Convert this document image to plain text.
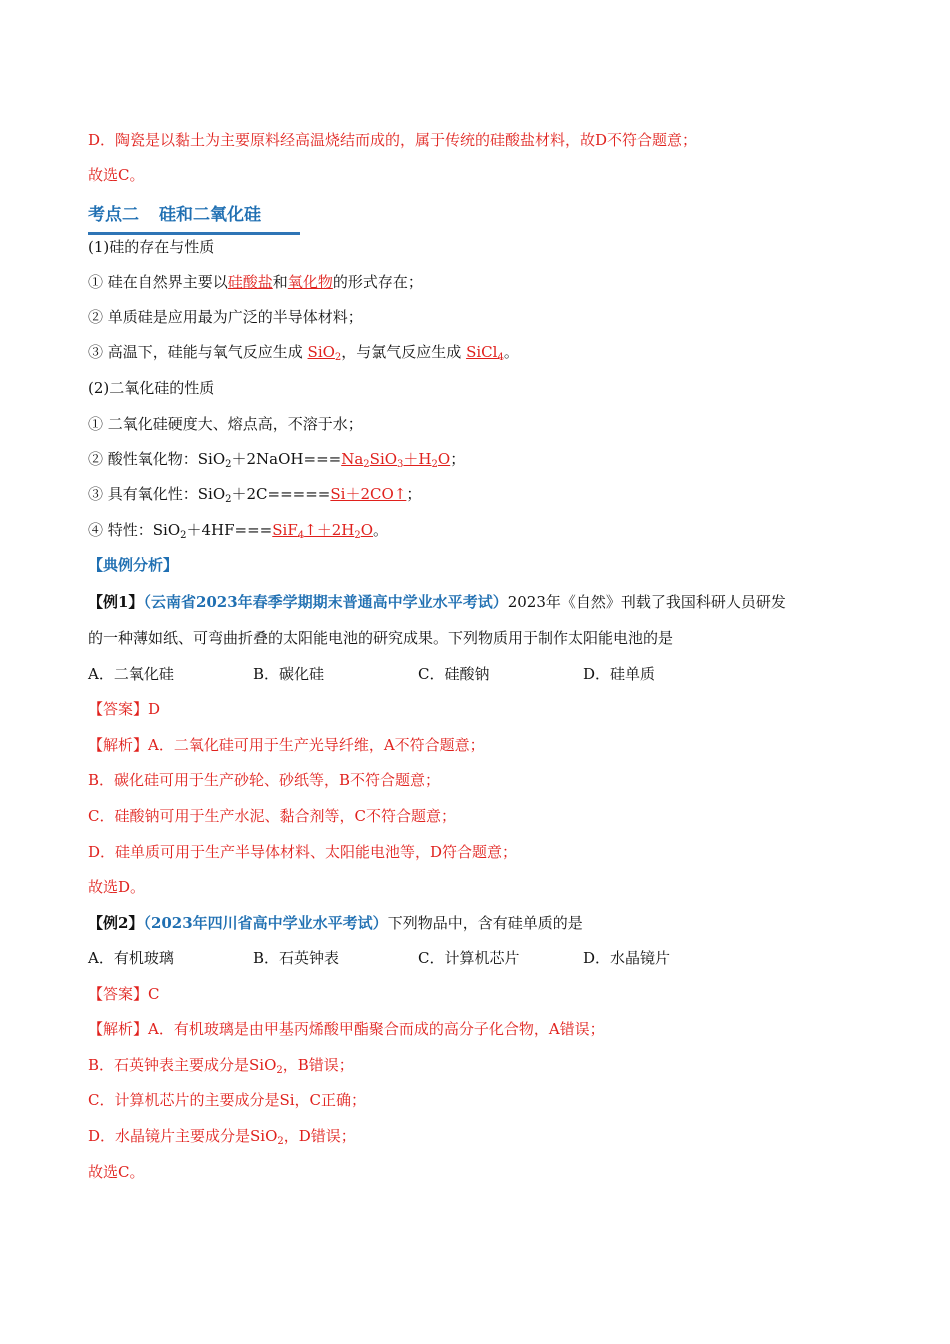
D．陶瓷是以黏土为主要原料经高温烧结而成的，属于传统的硅酸盐材料，故D不符合题意；
故选C。
考点二 硅和二氧化硅
(1)硅的存在与性质
① 硅在自然界主要以硅酸盐和氧化物的形式存在；
② 单质硅是应用最为广泛的半导体材料；
③ 高温下，硅能与氧气反应生成 SiO$_2$，与氯气反应生成 SiCl$_4$。
(2)二氧化硅的性质
① 二氧化硅硬度大、熔点高，不溶于水；
② 酸性氧化物：$SiO_2+2NaOH===Na_2SiO_3+H_2O$；
③ 具有氧化性：SiO$_2$＋2C=====Si＋2CO↑；
④ 特性：$SiO_2+4HF===SiF_4↑+2H_2O$。
【典例分析】
【例1】（云南省2023年春季学期期末普通高中学业水平考试）2023年《自然》刊载了我国科研人员研发
的一种薄如纸、可弯曲折叠的太阳能电池的研究成果。下列物质用于制作太阳能电池的是
A．二氧化硅	B．碳化硅	C．硅酸钠	D．硅单质
【答案】D
【解析】A．二氧化硅可用于生产光导纤维，A不符合题意；
B．碳化硅可用于生产砂轮、砂纸等，B不符合题意；
C．硅酸钠可用于生产水泥、黏合剂等，C不符合题意；
D．硅单质可用于生产半导体材料、太阳能电池等，D符合题意；
故选D。
【例2】（2023年四川省高中学业水平考试）下列物品中，含有硅单质的是
A．有机玻璃	B．石英钟表	C．计算机芯片	D．水晶镜片
【答案】C
【解析】A．有机玻璃是由甲基丙烯酸甲酯聚合而成的高分子化合物，A错误；
B．石英钟表主要成分是SiO$_2$，B错误；
C．计算机芯片的主要成分是Si，C正确；
D．水晶镜片主要成分是SiO$_2$，D错误；
故选C。
